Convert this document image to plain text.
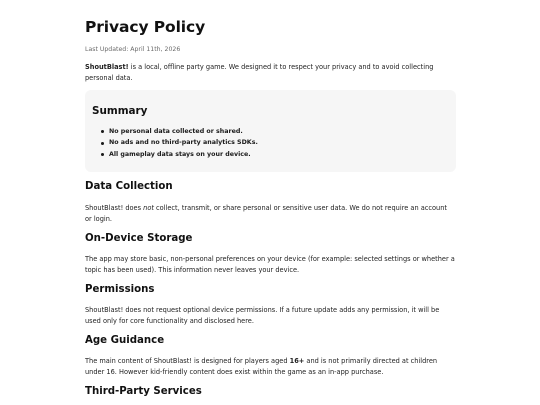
Privacy Policy
Last Updated: April 11th, 2026

ShoutBlast! is a local, offline party game. We designed it to respect your privacy and to avoid collecting personal data.

Summary
No personal data collected or shared.
No ads and no third-party analytics SDKs.
All gameplay data stays on your device.
Data Collection

ShoutBlast! does not collect, transmit, or share personal or sensitive user data. We do not require an account or login.

On-Device Storage

The app may store basic, non-personal preferences on your device (for example: selected settings or whether a topic has been used). This information never leaves your device.

Permissions

ShoutBlast! does not request optional device permissions. If a future update adds any permission, it will be used only for core functionality and disclosed here.

Age Guidance

The main content of ShoutBlast! is designed for players aged 16+ and is not primarily directed at children under 16. However kid-friendly content does exist within the game as an in-app purchase.

Third-Party Services
